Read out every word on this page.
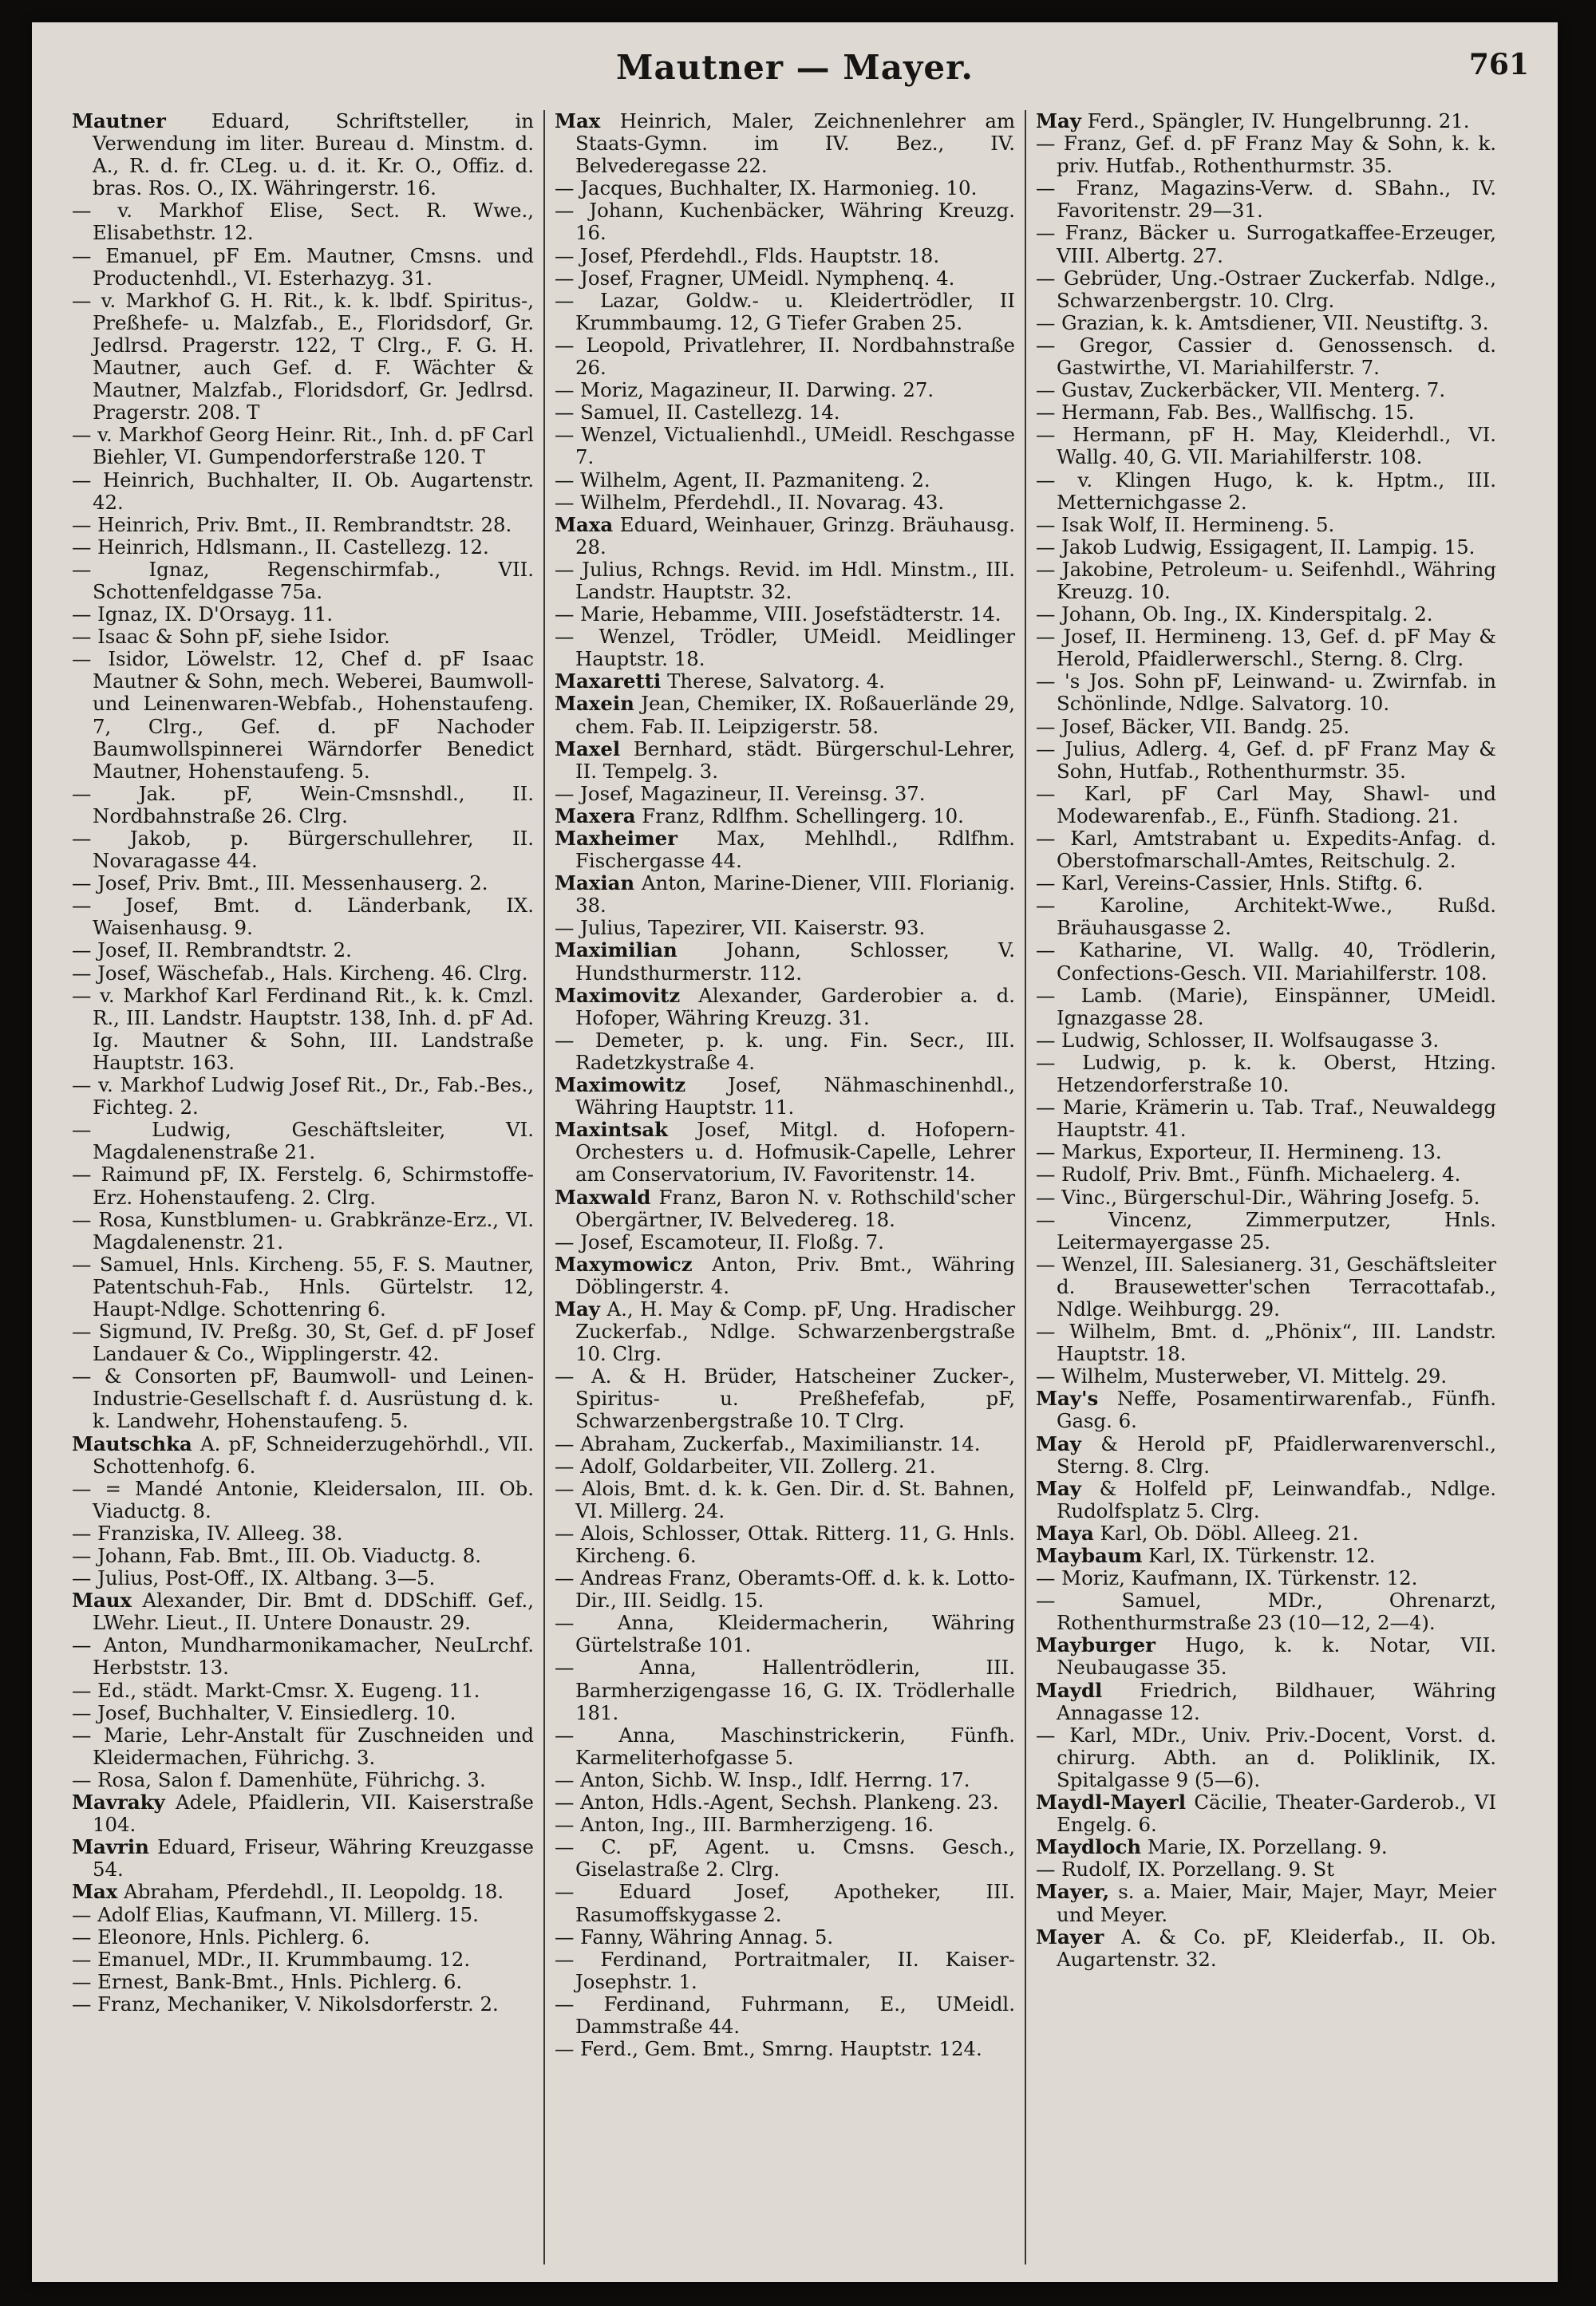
Mautner — Mayer.	761

Mautner Eduard, Schriftsteller, in Verwendung im liter. Bureau d. Minstm. d. A., R. d. fr. CLeg. u. d. it. Kr. O., Offiz. d. bras. Ros. O., IX. Währingerstr. 16.

— v. Markhof Elise, Sect. R. Wwe., Elisabethstr. 12.

— Emanuel, pF Em. Mautner, Cmsns. und Productenhdl., VI. Esterhazyg. 31.

— v. Markhof G. H. Rit., k. k. lbdf. Spiritus-, Preßhefe- u. Malzfab., E., Floridsdorf, Gr. Jedlrsd. Pragerstr. 122, T Clrg., F. G. H. Mautner, auch Gef. d. F. Wächter & Mautner, Malzfab., Floridsdorf, Gr. Jedlrsd. Pragerstr. 208. T

— v. Markhof Georg Heinr. Rit., Inh. d. pF Carl Biehler, VI. Gumpendorferstraße 120. T

— Heinrich, Buchhalter, II. Ob. Augartenstr. 42.

— Heinrich, Priv. Bmt., II. Rembrandtstr. 28.

— Heinrich, Hdlsmann., II. Castellezg. 12.

— Ignaz, Regenschirmfab., VII. Schottenfeldgasse 75a.

— Ignaz, IX. D'Orsayg. 11.

— Isaac & Sohn pF, siehe Isidor.

— Isidor, Löwelstr. 12, Chef d. pF Isaac Mautner & Sohn, mech. Weberei, Baumwoll- und Leinenwaren-Webfab., Hohenstaufeng. 7, Clrg., Gef. d. pF Nachoder Baumwollspinnerei Wärndorfer Benedict Mautner, Hohenstaufeng. 5.

— Jak. pF, Wein-Cmsnshdl., II. Nordbahnstraße 26. Clrg.

— Jakob, p. Bürgerschullehrer, II. Novaragasse 44.

— Josef, Priv. Bmt., III. Messenhauserg. 2.

— Josef, Bmt. d. Länderbank, IX. Waisenhausg. 9.

— Josef, II. Rembrandtstr. 2.

— Josef, Wäschefab., Hals. Kircheng. 46. Clrg.

— v. Markhof Karl Ferdinand Rit., k. k. Cmzl. R., III. Landstr. Hauptstr. 138, Inh. d. pF Ad. Ig. Mautner & Sohn, III. Landstraße Hauptstr. 163.

— v. Markhof Ludwig Josef Rit., Dr., Fab.-Bes., Fichteg. 2.

— Ludwig, Geschäftsleiter, VI. Magdalenenstraße 21.

— Raimund pF, IX. Ferstelg. 6, Schirmstoffe-Erz. Hohenstaufeng. 2. Clrg.

— Rosa, Kunstblumen- u. Grabkränze-Erz., VI. Magdalenenstr. 21.

— Samuel, Hnls. Kircheng. 55, F. S. Mautner, Patentschuh-Fab., Hnls. Gürtelstr. 12, Haupt-Ndlge. Schottenring 6.

— Sigmund, IV. Preßg. 30, St, Gef. d. pF Josef Landauer & Co., Wipplingerstr. 42.

— & Consorten pF, Baumwoll- und Leinen-Industrie-Gesellschaft f. d. Ausrüstung d. k. k. Landwehr, Hohenstaufeng. 5.

Mautschka A. pF, Schneiderzugehörhdl., VII. Schottenhofg. 6.

— = Mandé Antonie, Kleidersalon, III. Ob. Viaductg. 8.

— Franziska, IV. Alleeg. 38.

— Johann, Fab. Bmt., III. Ob. Viaductg. 8.

— Julius, Post-Off., IX. Altbang. 3—5.

Maux Alexander, Dir. Bmt d. DDSchiff. Gef., LWehr. Lieut., II. Untere Donaustr. 29.

— Anton, Mundharmonikamacher, NeuLrchf. Herbststr. 13.

— Ed., städt. Markt-Cmsr. X. Eugeng. 11.

— Josef, Buchhalter, V. Einsiedlerg. 10.

— Marie, Lehr-Anstalt für Zuschneiden und Kleidermachen, Führichg. 3.

— Rosa, Salon f. Damenhüte, Führichg. 3.

Mavraky Adele, Pfaidlerin, VII. Kaiserstraße 104.

Mavrin Eduard, Friseur, Währing Kreuzgasse 54.

Max Abraham, Pferdehdl., II. Leopoldg. 18.

— Adolf Elias, Kaufmann, VI. Millerg. 15.

— Eleonore, Hnls. Pichlerg. 6.

— Emanuel, MDr., II. Krummbaumg. 12.

— Ernest, Bank-Bmt., Hnls. Pichlerg. 6.

— Franz, Mechaniker, V. Nikolsdorferstr. 2.

Max Heinrich, Maler, Zeichnenlehrer am Staats-Gymn. im IV. Bez., IV. Belvederegasse 22.

— Jacques, Buchhalter, IX. Harmonieg. 10.

— Johann, Kuchenbäcker, Währing Kreuzg. 16.

— Josef, Pferdehdl., Flds. Hauptstr. 18.

— Josef, Fragner, UMeidl. Nymphenq. 4.

— Lazar, Goldw.- u. Kleidertrödler, II Krummbaumg. 12, G Tiefer Graben 25.

— Leopold, Privatlehrer, II. Nordbahnstraße 26.

— Moriz, Magazineur, II. Darwing. 27.

— Samuel, II. Castellezg. 14.

— Wenzel, Victualienhdl., UMeidl. Reschgasse 7.

— Wilhelm, Agent, II. Pazmaniteng. 2.

— Wilhelm, Pferdehdl., II. Novarag. 43.

Maxa Eduard, Weinhauer, Grinzg. Bräuhausg. 28.

— Julius, Rchngs. Revid. im Hdl. Minstm., III. Landstr. Hauptstr. 32.

— Marie, Hebamme, VIII. Josefstädterstr. 14.

— Wenzel, Trödler, UMeidl. Meidlinger Hauptstr. 18.

Maxaretti Therese, Salvatorg. 4.

Maxein Jean, Chemiker, IX. Roßauerlände 29, chem. Fab. II. Leipzigerstr. 58.

Maxel Bernhard, städt. Bürgerschul-Lehrer, II. Tempelg. 3.

— Josef, Magazineur, II. Vereinsg. 37.

Maxera Franz, Rdlfhm. Schellingerg. 10.

Maxheimer Max, Mehlhdl., Rdlfhm. Fischergasse 44.

Maxian Anton, Marine-Diener, VIII. Florianig. 38.

— Julius, Tapezirer, VII. Kaiserstr. 93.

Maximilian	Johann, Schlosser, V. Hundsthurmerstr. 112.

Maximovitz Alexander, Garderobier a. d. Hofoper, Währing Kreuzg. 31.

— Demeter, p. k. ung. Fin. Secr., III. Radetzkystraße 4.

Maximowitz Josef, Nähmaschinenhdl., Währing Hauptstr. 11.

Maxintsak Josef, Mitgl. d. Hofopern-Orchesters u. d. Hofmusik-Capelle, Lehrer am Conservatorium, IV. Favoritenstr. 14.

Maxwald Franz, Baron N. v. Rothschild'scher Obergärtner, IV. Belvedereg. 18.

— Josef, Escamoteur, II. Floßg. 7.

Maxymowicz Anton, Priv. Bmt., Währing Döblingerstr. 4.

May A., H. May & Comp. pF, Ung. Hradischer Zuckerfab., Ndlge. Schwarzenbergstraße 10. Clrg.

— A. & H. Brüder, Hatscheiner Zucker-, Spiritus- u. Preßhefefab, pF, Schwarzenbergstraße 10. T Clrg.

— Abraham, Zuckerfab., Maximilianstr. 14.

— Adolf, Goldarbeiter, VII. Zollerg. 21.

— Alois, Bmt. d. k. k. Gen. Dir. d. St. Bahnen, VI. Millerg. 24.

— Alois, Schlosser, Ottak. Ritterg. 11, G. Hnls. Kircheng. 6.

— Andreas Franz, Oberamts-Off. d. k. k. Lotto-Dir., III. Seidlg. 15.

— Anna, Kleidermacherin, Währing Gürtelstraße 101.

— Anna, Hallentrödlerin, III. Barmherzigengasse 16, G. IX. Trödlerhalle 181.

— Anna, Maschinstrickerin, Fünfh. Karmeliterhofgasse 5.

— Anton, Sichb. W. Insp., Idlf. Herrng. 17.

— Anton, Hdls.-Agent, Sechsh. Plankeng. 23.

— Anton, Ing., III. Barmherzigeng. 16.

— C. pF, Agent. u. Cmsns. Gesch., Giselastraße 2. Clrg.

— Eduard Josef, Apotheker, III. Rasumoffskygasse 2.

— Fanny, Währing Annag. 5.

— Ferdinand, Portraitmaler, II. Kaiser-Josephstr. 1.

— Ferdinand, Fuhrmann, E., UMeidl. Dammstraße 44.

— Ferd., Gem. Bmt., Smrng. Hauptstr. 124.

May Ferd., Spängler, IV. Hungelbrunng. 21.

— Franz, Gef. d. pF Franz May & Sohn, k. k. priv. Hutfab., Rothenthurmstr. 35.

— Franz, Magazins-Verw. d. SBahn., IV. Favoritenstr. 29—31.

— Franz, Bäcker u. Surrogatkaffee-Erzeuger, VIII. Albertg. 27.

— Gebrüder, Ung.-Ostraer Zuckerfab. Ndlge., Schwarzenbergstr. 10. Clrg.

— Grazian, k. k. Amtsdiener, VII. Neustiftg. 3.

— Gregor, Cassier d. Genossensch. d. Gastwirthe, VI. Mariahilferstr. 7.

— Gustav, Zuckerbäcker, VII. Menterg. 7.

— Hermann, Fab. Bes., Wallfischg. 15.

— Hermann, pF H. May, Kleiderhdl., VI. Wallg. 40, G. VII. Mariahilferstr. 108.

— v. Klingen Hugo, k. k. Hptm., III. Metternichgasse 2.

— Isak Wolf, II. Hermineng. 5.

— Jakob Ludwig, Essigagent, II. Lampig. 15.

— Jakobine, Petroleum- u. Seifenhdl., Währing Kreuzg. 10.

— Johann, Ob. Ing., IX. Kinderspitalg. 2.

— Josef, II. Hermineng. 13, Gef. d. pF May & Herold, Pfaidlerwerschl., Sterng. 8. Clrg.

— 's Jos. Sohn pF, Leinwand- u. Zwirnfab. in Schönlinde, Ndlge. Salvatorg. 10.

— Josef, Bäcker, VII. Bandg. 25.

— Julius, Adlerg. 4, Gef. d. pF Franz May & Sohn, Hutfab., Rothenthurmstr. 35.

— Karl, pF Carl May, Shawl- und Modewarenfab., E., Fünfh. Stadiong. 21.

— Karl, Amtstrabant u. Expedits-Anfag. d. Oberstofmarschall-Amtes, Reitschulg. 2.

— Karl, Vereins-Cassier, Hnls. Stiftg. 6.

— Karoline, Architekt-Wwe., Rußd. Bräuhausgasse 2.

— Katharine, VI. Wallg. 40, Trödlerin, Confections-Gesch. VII. Mariahilferstr. 108.

— Lamb. (Marie), Einspänner, UMeidl. Ignazgasse 28.

— Ludwig, Schlosser, II. Wolfsaugasse 3.

— Ludwig, p. k. k. Oberst, Htzing. Hetzendorferstraße 10.

— Marie, Krämerin u. Tab. Traf., Neuwaldegg Hauptstr. 41.

— Markus, Exporteur, II. Hermineng. 13.

— Rudolf, Priv. Bmt., Fünfh. Michaelerg. 4.

— Vinc., Bürgerschul-Dir., Währing Josefg. 5.

— Vincenz, Zimmerputzer, Hnls. Leitermayergasse 25.

— Wenzel, III. Salesianerg. 31, Geschäftsleiter d. Brausewetter'schen Terracottafab., Ndlge. Weihburgg. 29.

— Wilhelm, Bmt. d. „Phönix“, III. Landstr. Hauptstr. 18.

— Wilhelm, Musterweber, VI. Mittelg. 29.

May's Neffe, Posamentirwarenfab., Fünfh. Gasg. 6.

May & Herold pF, Pfaidlerwarenverschl., Sterng. 8. Clrg.

May & Holfeld pF, Leinwandfab., Ndlge. Rudolfsplatz 5. Clrg.

Maya Karl, Ob. Döbl. Alleeg. 21.

Maybaum Karl, IX. Türkenstr. 12.

— Moriz, Kaufmann, IX. Türkenstr. 12.

— Samuel, MDr., Ohrenarzt, Rothenthurmstraße 23 (10—12, 2—4).

Mayburger Hugo, k. k. Notar, VII. Neubaugasse 35.

Maydl Friedrich, Bildhauer, Währing Annagasse 12.

— Karl, MDr., Univ. Priv.-Docent, Vorst. d. chirurg. Abth. an d. Poliklinik, IX. Spitalgasse 9 (5—6).

Maydl-Mayerl Cäcilie, Theater-Garderob., VI Engelg. 6.

Maydloch Marie, IX. Porzellang. 9.

— Rudolf, IX. Porzellang. 9. St

Mayer, s. a. Maier, Mair, Majer, Mayr, Meier und Meyer.

Mayer A. & Co. pF, Kleiderfab., II. Ob. Augartenstr. 32.
